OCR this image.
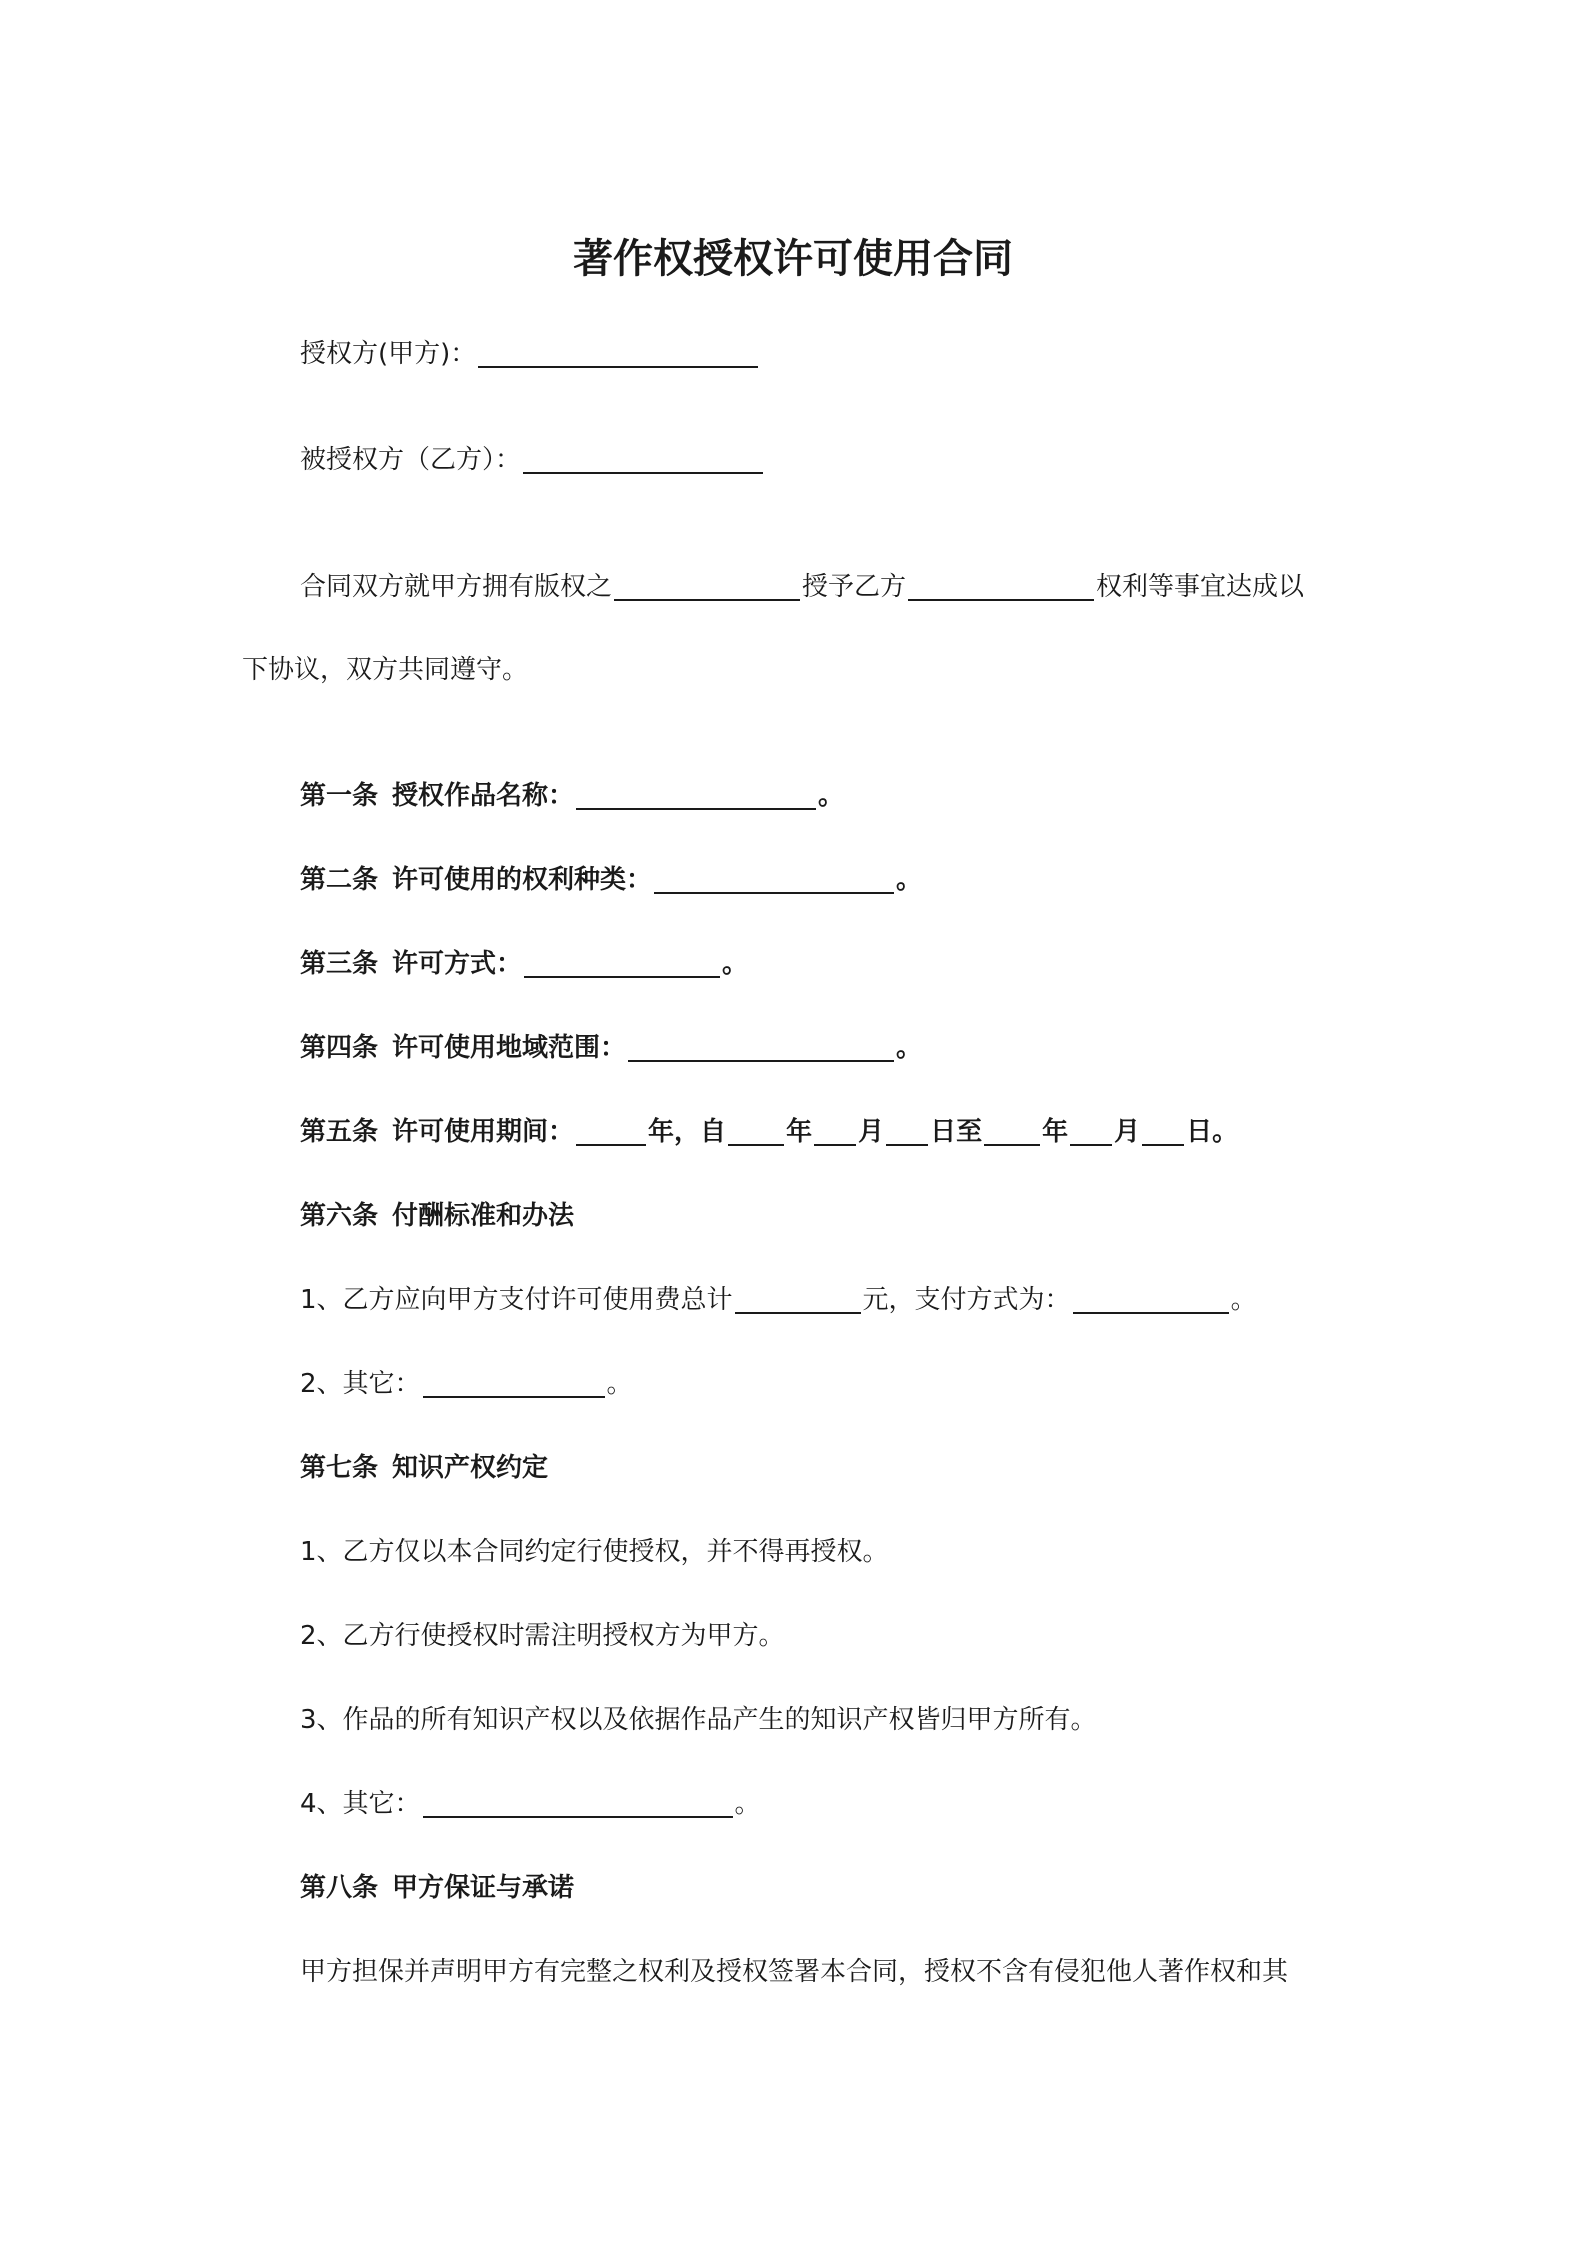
著作权授权许可使用合同
授权方(甲方)：
被授权方（乙方）：
合同双方就甲方拥有版权之	授予乙方	权利等事宜达成以
下协议，双方共同遵守。
第一条 授权作品名称：	。
第二条 许可使用的权利种类：	。
第三条 许可方式：	。
第四条 许可使用地域范围：	。
第五条 许可使用期间：	年，自 年 月 日至 年 月 日。
第六条 付酬标准和办法
1、乙方应向甲方支付许可使用费总计	元，支付方式为：	。
2、其它：	。
第七条 知识产权约定
1、乙方仅以本合同约定行使授权，并不得再授权。
2、乙方行使授权时需注明授权方为甲方。
3、作品的所有知识产权以及依据作品产生的知识产权皆归甲方所有。
4、其它：	。
第八条 甲方保证与承诺
甲方担保并声明甲方有完整之权利及授权签署本合同，授权不含有侵犯他人著作权和其
